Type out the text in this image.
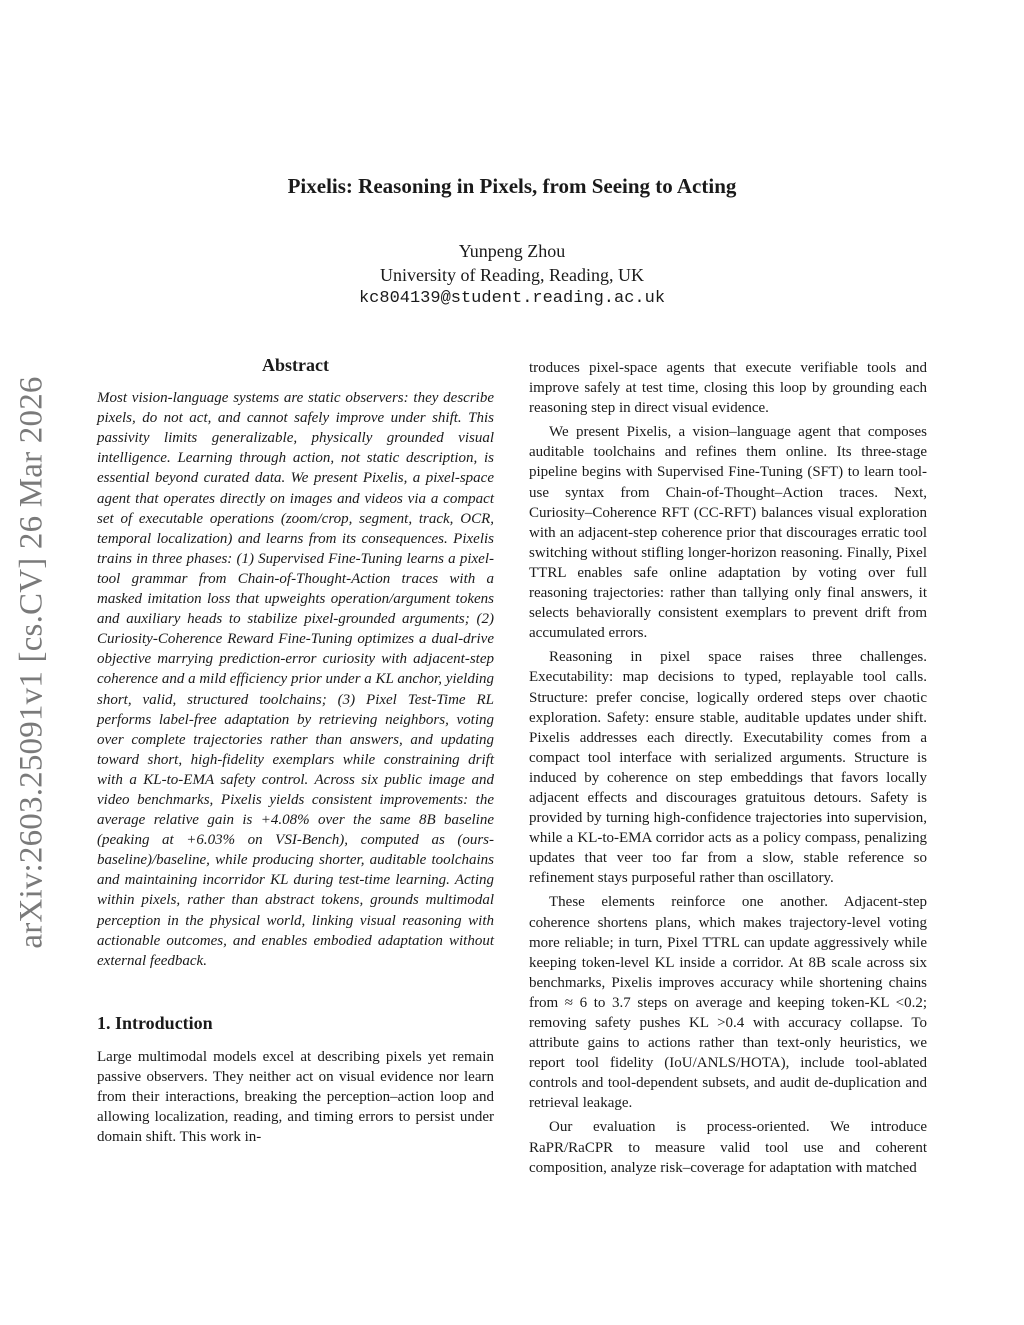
arXiv:2603.25091v1 [cs.CV] 26 Mar 2026
Pixelis: Reasoning in Pixels, from Seeing to Acting
Yunpeng Zhou
University of Reading, Reading, UK
kc804139@student.reading.ac.uk
Abstract

Most vision-language systems are static observers: they describe pixels, do not act, and cannot safely improve under shift. This passivity limits generalizable, physically grounded visual intelligence. Learning through action, not static description, is essential beyond curated data. We present Pixelis, a pixel-space agent that operates directly on images and videos via a compact set of executable operations (zoom/crop, segment, track, OCR, temporal localization) and learns from its consequences. Pixelis trains in three phases: (1) Supervised Fine-Tuning learns a pixel-tool grammar from Chain-of-Thought-Action traces with a masked imitation loss that upweights operation/argument tokens and auxiliary heads to stabilize pixel-grounded arguments; (2) Curiosity-Coherence Reward Fine-Tuning optimizes a dual-drive objective marrying prediction-error curiosity with adjacent-step coherence and a mild efficiency prior under a KL anchor, yielding short, valid, structured toolchains; (3) Pixel Test-Time RL performs label-free adaptation by retrieving neighbors, voting over complete trajectories rather than answers, and updating toward short, high-fidelity exemplars while constraining drift with a KL-to-EMA safety control. Across six public image and video benchmarks, Pixelis yields consistent improvements: the average relative gain is +4.08% over the same 8B baseline (peaking at +6.03% on VSI-Bench), computed as (ours-baseline)/baseline, while producing shorter, auditable toolchains and maintaining incorridor KL during test-time learning. Acting within pixels, rather than abstract tokens, grounds multimodal perception in the physical world, linking visual reasoning with actionable outcomes, and enables embodied adaptation without external feedback.

1. Introduction

Large multimodal models excel at describing pixels yet remain passive observers. They neither act on visual evidence nor learn from their interactions, breaking the perception–action loop and allowing localization, reading, and timing errors to persist under domain shift. This work in-

troduces pixel-space agents that execute verifiable tools and improve safely at test time, closing this loop by grounding each reasoning step in direct visual evidence.

We present Pixelis, a vision–language agent that composes auditable toolchains and refines them online. Its three-stage pipeline begins with Supervised Fine-Tuning (SFT) to learn tool-use syntax from Chain-of-Thought–Action traces. Next, Curiosity–Coherence RFT (CC-RFT) balances visual exploration with an adjacent-step coherence prior that discourages erratic tool switching without stifling longer-horizon reasoning. Finally, Pixel TTRL enables safe online adaptation by voting over full reasoning trajectories: rather than tallying only final answers, it selects behaviorally consistent exemplars to prevent drift from accumulated errors.

Reasoning in pixel space raises three challenges. Executability: map decisions to typed, replayable tool calls. Structure: prefer concise, logically ordered steps over chaotic exploration. Safety: ensure stable, auditable updates under shift. Pixelis addresses each directly. Executability comes from a compact tool interface with serialized arguments. Structure is induced by coherence on step embeddings that favors locally adjacent effects and discourages gratuitous detours. Safety is provided by turning high-confidence trajectories into supervision, while a KL-to-EMA corridor acts as a policy compass, penalizing updates that veer too far from a slow, stable reference so refinement stays purposeful rather than oscillatory.

These elements reinforce one another. Adjacent-step coherence shortens plans, which makes trajectory-level voting more reliable; in turn, Pixel TTRL can update aggressively while keeping token-level KL inside a corridor. At 8B scale across six benchmarks, Pixelis improves accuracy while shortening chains from ≈ 6 to 3.7 steps on average and keeping token-KL <0.2; removing safety pushes KL >0.4 with accuracy collapse. To attribute gains to actions rather than text-only heuristics, we report tool fidelity (IoU/ANLS/HOTA), include tool-ablated controls and tool-dependent subsets, and audit de-duplication and retrieval leakage.

Our evaluation is process-oriented. We introduce RaPR/RaCPR to measure valid tool use and coherent composition, analyze risk–coverage for adaptation with matched
